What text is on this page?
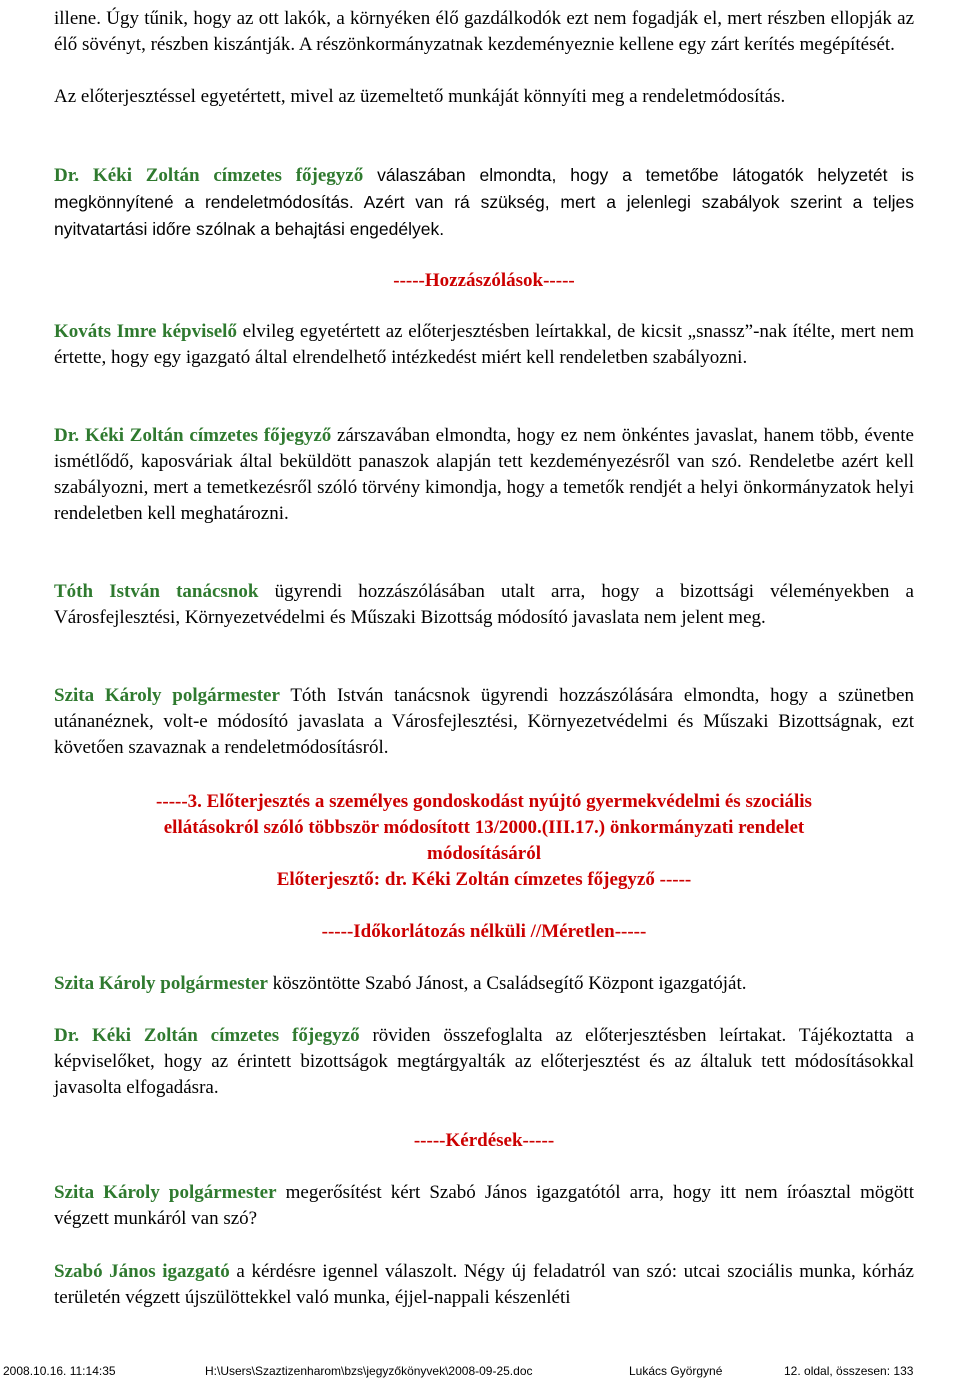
illene. Úgy tűnik, hogy az ott lakók, a környéken élő gazdálkodók ezt nem fogadják el, mert részben ellopják az élő sövényt, részben kiszántják. A részönkormányzatnak kezdeményeznie kellene egy zárt kerítés megépítését.

Az előterjesztéssel egyetértett, mivel az üzemeltető munkáját könnyíti meg a rendeletmódosítás.

Dr. Kéki Zoltán címzetes főjegyző válaszában elmondta, hogy a temetőbe látogatók helyzetét is megkönnyítené a rendeletmódosítás. Azért van rá szükség, mert a jelenlegi szabályok szerint a teljes nyitvatartási időre szólnak a behajtási engedélyek.

-----Hozzászólások-----

Kováts Imre képviselő elvileg egyetértett az előterjesztésben leírtakkal, de kicsit „snassz”-nak ítélte, mert nem értette, hogy egy igazgató által elrendelhető intézkedést miért kell rendeletben szabályozni.

Dr. Kéki Zoltán címzetes főjegyző zárszavában elmondta, hogy ez nem önkéntes javaslat, hanem több, évente ismétlődő, kaposváriak által beküldött panaszok alapján tett kezdeményezésről van szó. Rendeletbe azért kell szabályozni, mert a temetkezésről szóló törvény kimondja, hogy a temetők rendjét a helyi önkormányzatok helyi rendeletben kell meghatározni.

Tóth István tanácsnok ügyrendi hozzászólásában utalt arra, hogy a bizottsági véleményekben a Városfejlesztési, Környezetvédelmi és Műszaki Bizottság módosító javaslata nem jelent meg.

Szita Károly polgármester Tóth István tanácsnok ügyrendi hozzászólására elmondta, hogy a szünetben utánanéznek, volt-e módosító javaslata a Városfejlesztési, Környezetvédelmi és Műszaki Bizottságnak, ezt követően szavaznak a rendeletmódosításról.

-----3. Előterjesztés a személyes gondoskodást nyújtó gyermekvédelmi és szociális
ellátásokról szóló többször módosított 13/2000.(III.17.) önkormányzati rendelet
módosításáról
Előterjesztő: dr. Kéki Zoltán címzetes főjegyző -----

-----Időkorlátozás nélküli //Méretlen-----

Szita Károly polgármester köszöntötte Szabó Jánost, a Családsegítő Központ igazgatóját.

Dr. Kéki Zoltán címzetes főjegyző röviden összefoglalta az előterjesztésben leírtakat. Tájékoztatta a képviselőket, hogy az érintett bizottságok megtárgyalták az előterjesztést és az általuk tett módosításokkal javasolta elfogadásra.

-----Kérdések-----

Szita Károly polgármester megerősítést kért Szabó János igazgatótól arra, hogy itt nem íróasztal mögött végzett munkáról van szó?

Szabó János igazgató a kérdésre igennel válaszolt. Négy új feladatról van szó: utcai szociális munka, kórház területén végzett újszülöttekkel való munka, éjjel-nappali készenléti

2008.10.16. 11:14:35	H:\Users\Szaztizenharom\bzs\jegyzőkönyvek\2008-09-25.doc	Lukács Györgyné	12. oldal, összesen: 133
